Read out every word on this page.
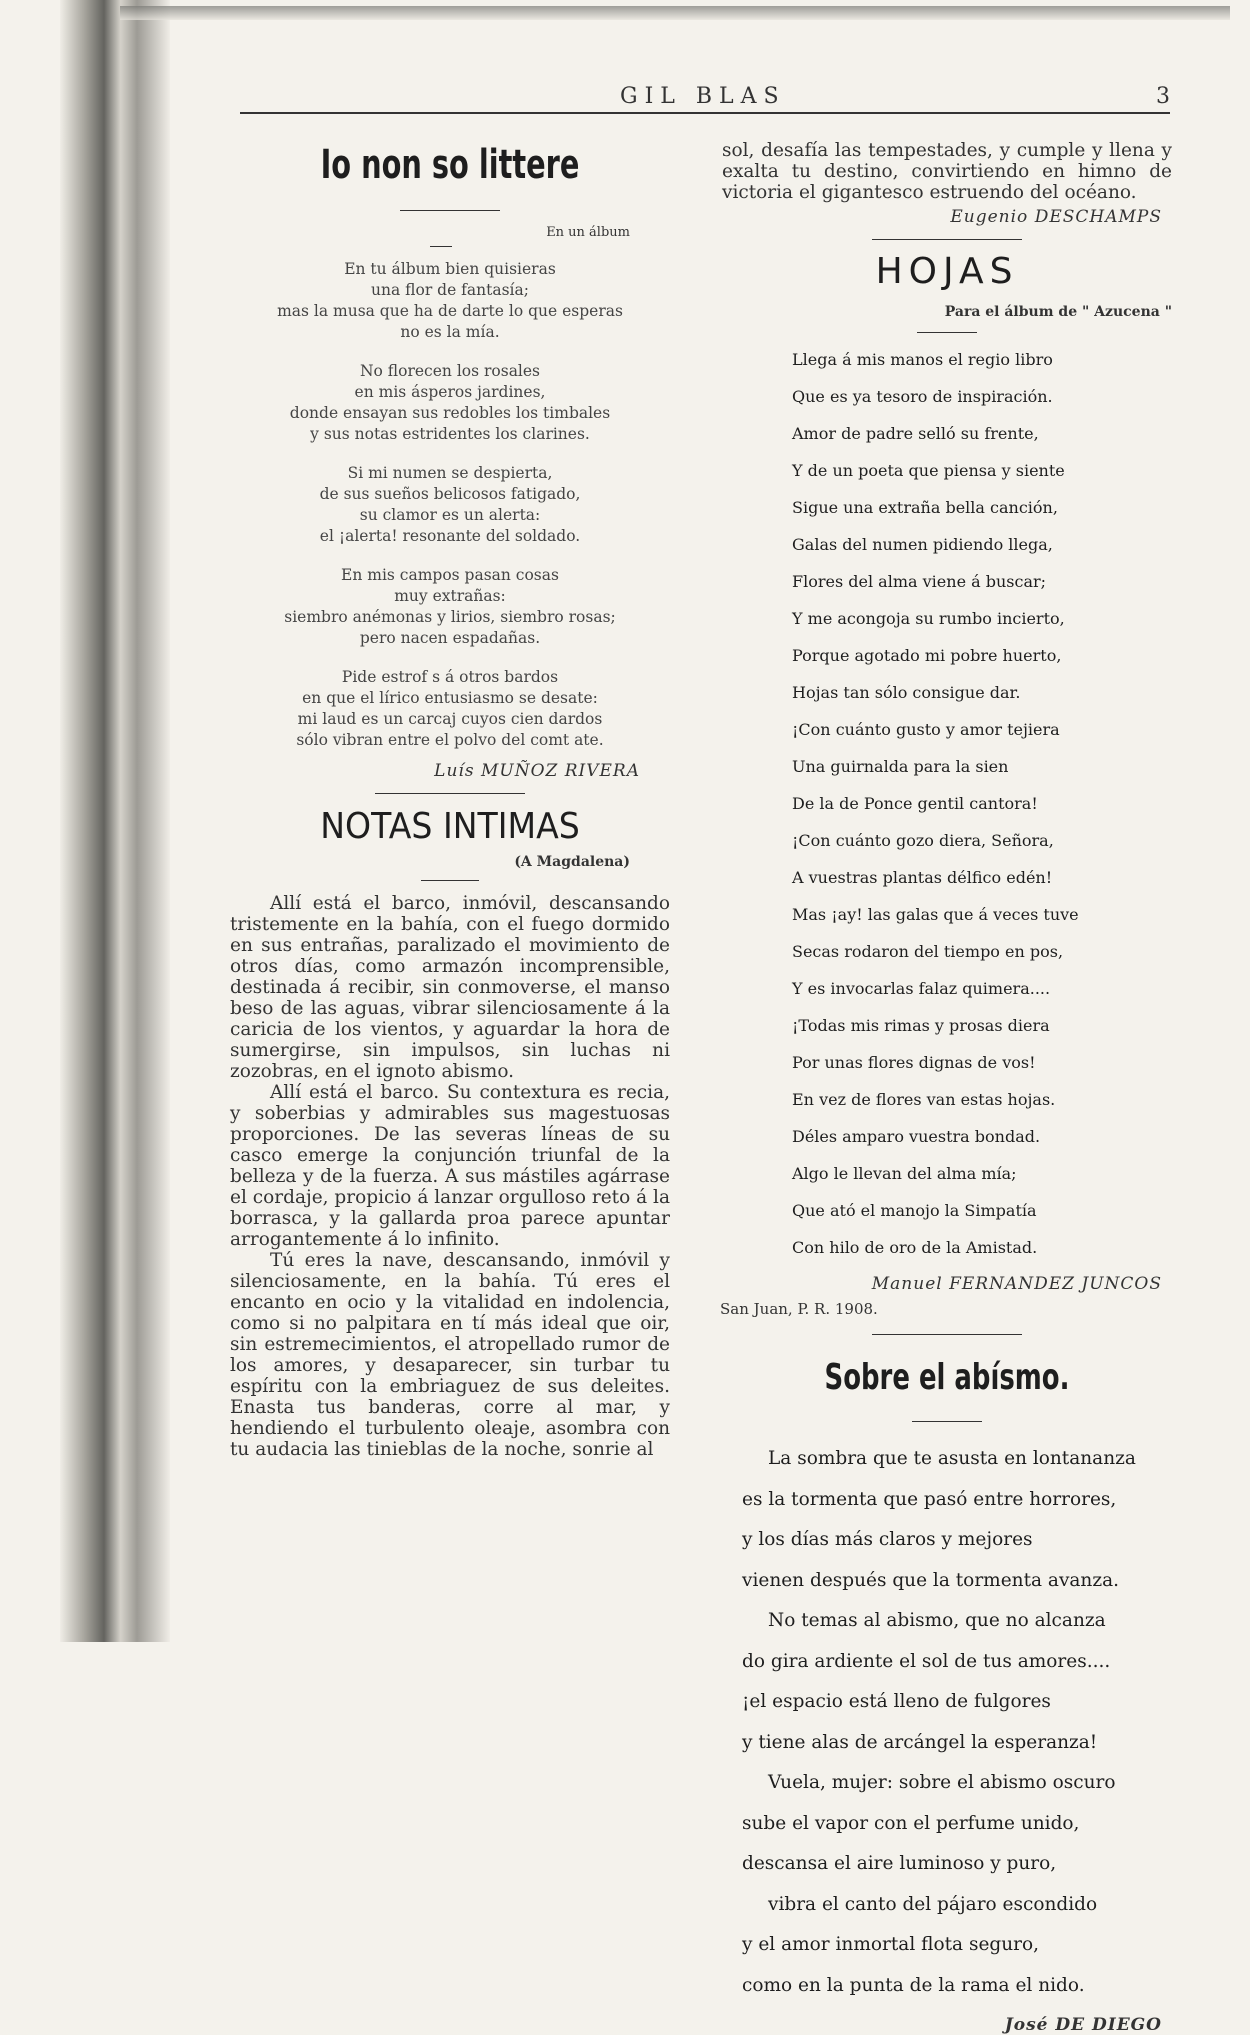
GIL BLAS	3
Io non so littere
En un álbum

En tu álbum bien quisieras

una flor de fantasía;

mas la musa que ha de darte lo que esperas

no es la mía.

No florecen los rosales

en mis ásperos jardines,

donde ensayan sus redobles los timbales

y sus notas estridentes los clarines.

Si mi numen se despierta,

de sus sueños belicosos fatigado,

su clamor es un alerta:

el ¡alerta! resonante del soldado.

En mis campos pasan cosas

muy extrañas:

siembro anémonas y lirios, siembro rosas;

pero nacen espadañas.

Pide estrof s á otros bardos

en que el lírico entusiasmo se desate:

mi laud es un carcaj cuyos cien dardos

sólo vibran entre el polvo del comt ate.

Luís MUÑOZ RIVERA
NOTAS INTIMAS
(A Magdalena)

Allí está el barco, inmóvil, descansando tristemente en la bahía, con el fuego dormido en sus entrañas, paralizado el movimiento de otros días, como armazón incomprensible, destinada á recibir, sin conmoverse, el manso beso de las aguas, vibrar silenciosamente á la caricia de los vientos, y aguardar la hora de sumergirse, sin impulsos, sin luchas ni zozobras, en el ignoto abismo.

Allí está el barco. Su contextura es recia, y soberbias y admirables sus magestuosas proporciones. De las severas líneas de su casco emerge la conjunción triunfal de la belleza y de la fuerza. A sus mástiles agárrase el cordaje, propicio á lanzar orgulloso reto á la borrasca, y la gallarda proa parece apuntar arrogantemente á lo infinito.

Tú eres la nave, descansando, inmóvil y silenciosamente, en la bahía. Tú eres el encanto en ocio y la vitalidad en indolencia, como si no palpitara en tí más ideal que oir, sin estremecimientos, el atropellado rumor de los amores, y desaparecer, sin turbar tu espíritu con la embriaguez de sus deleites. Enasta tus banderas, corre al mar, y hendiendo el turbulento oleaje, asombra con tu audacia las tinieblas de la noche, sonrie al

sol, desafía las tempestades, y cumple y llena y exalta tu destino, convirtiendo en himno de victoria el gigantesco estruendo del océano.

Eugenio DESCHAMPS
HOJAS
Para el álbum de " Azucena "

Llega á mis manos el regio libro

Que es ya tesoro de inspiración.

Amor de padre selló su frente,

Y de un poeta que piensa y siente

Sigue una extraña bella canción,

Galas del numen pidiendo llega,

Flores del alma viene á buscar;

Y me acongoja su rumbo incierto,

Porque agotado mi pobre huerto,

Hojas tan sólo consigue dar.

¡Con cuánto gusto y amor tejiera

Una guirnalda para la sien

De la de Ponce gentil cantora!

¡Con cuánto gozo diera, Señora,

A vuestras plantas délfico edén!

Mas ¡ay! las galas que á veces tuve

Secas rodaron del tiempo en pos,

Y es invocarlas falaz quimera....

¡Todas mis rimas y prosas diera

Por unas flores dignas de vos!

En vez de flores van estas hojas.

Déles amparo vuestra bondad.

Algo le llevan del alma mía;

Que ató el manojo la Simpatía

Con hilo de oro de la Amistad.

Manuel FERNANDEZ JUNCOS
San Juan, P. R. 1908.
Sobre el abísmo.

La sombra que te asusta en lontananza

es la tormenta que pasó entre horrores,

y los días más claros y mejores

vienen después que la tormenta avanza.

No temas al abismo, que no alcanza

do gira ardiente el sol de tus amores....

¡el espacio está lleno de fulgores

y tiene alas de arcángel la esperanza!

Vuela, mujer: sobre el abismo oscuro

sube el vapor con el perfume unido,

descansa el aire luminoso y puro,

vibra el canto del pájaro escondido

y el amor inmortal flota seguro,

como en la punta de la rama el nido.

José DE DIEGO
